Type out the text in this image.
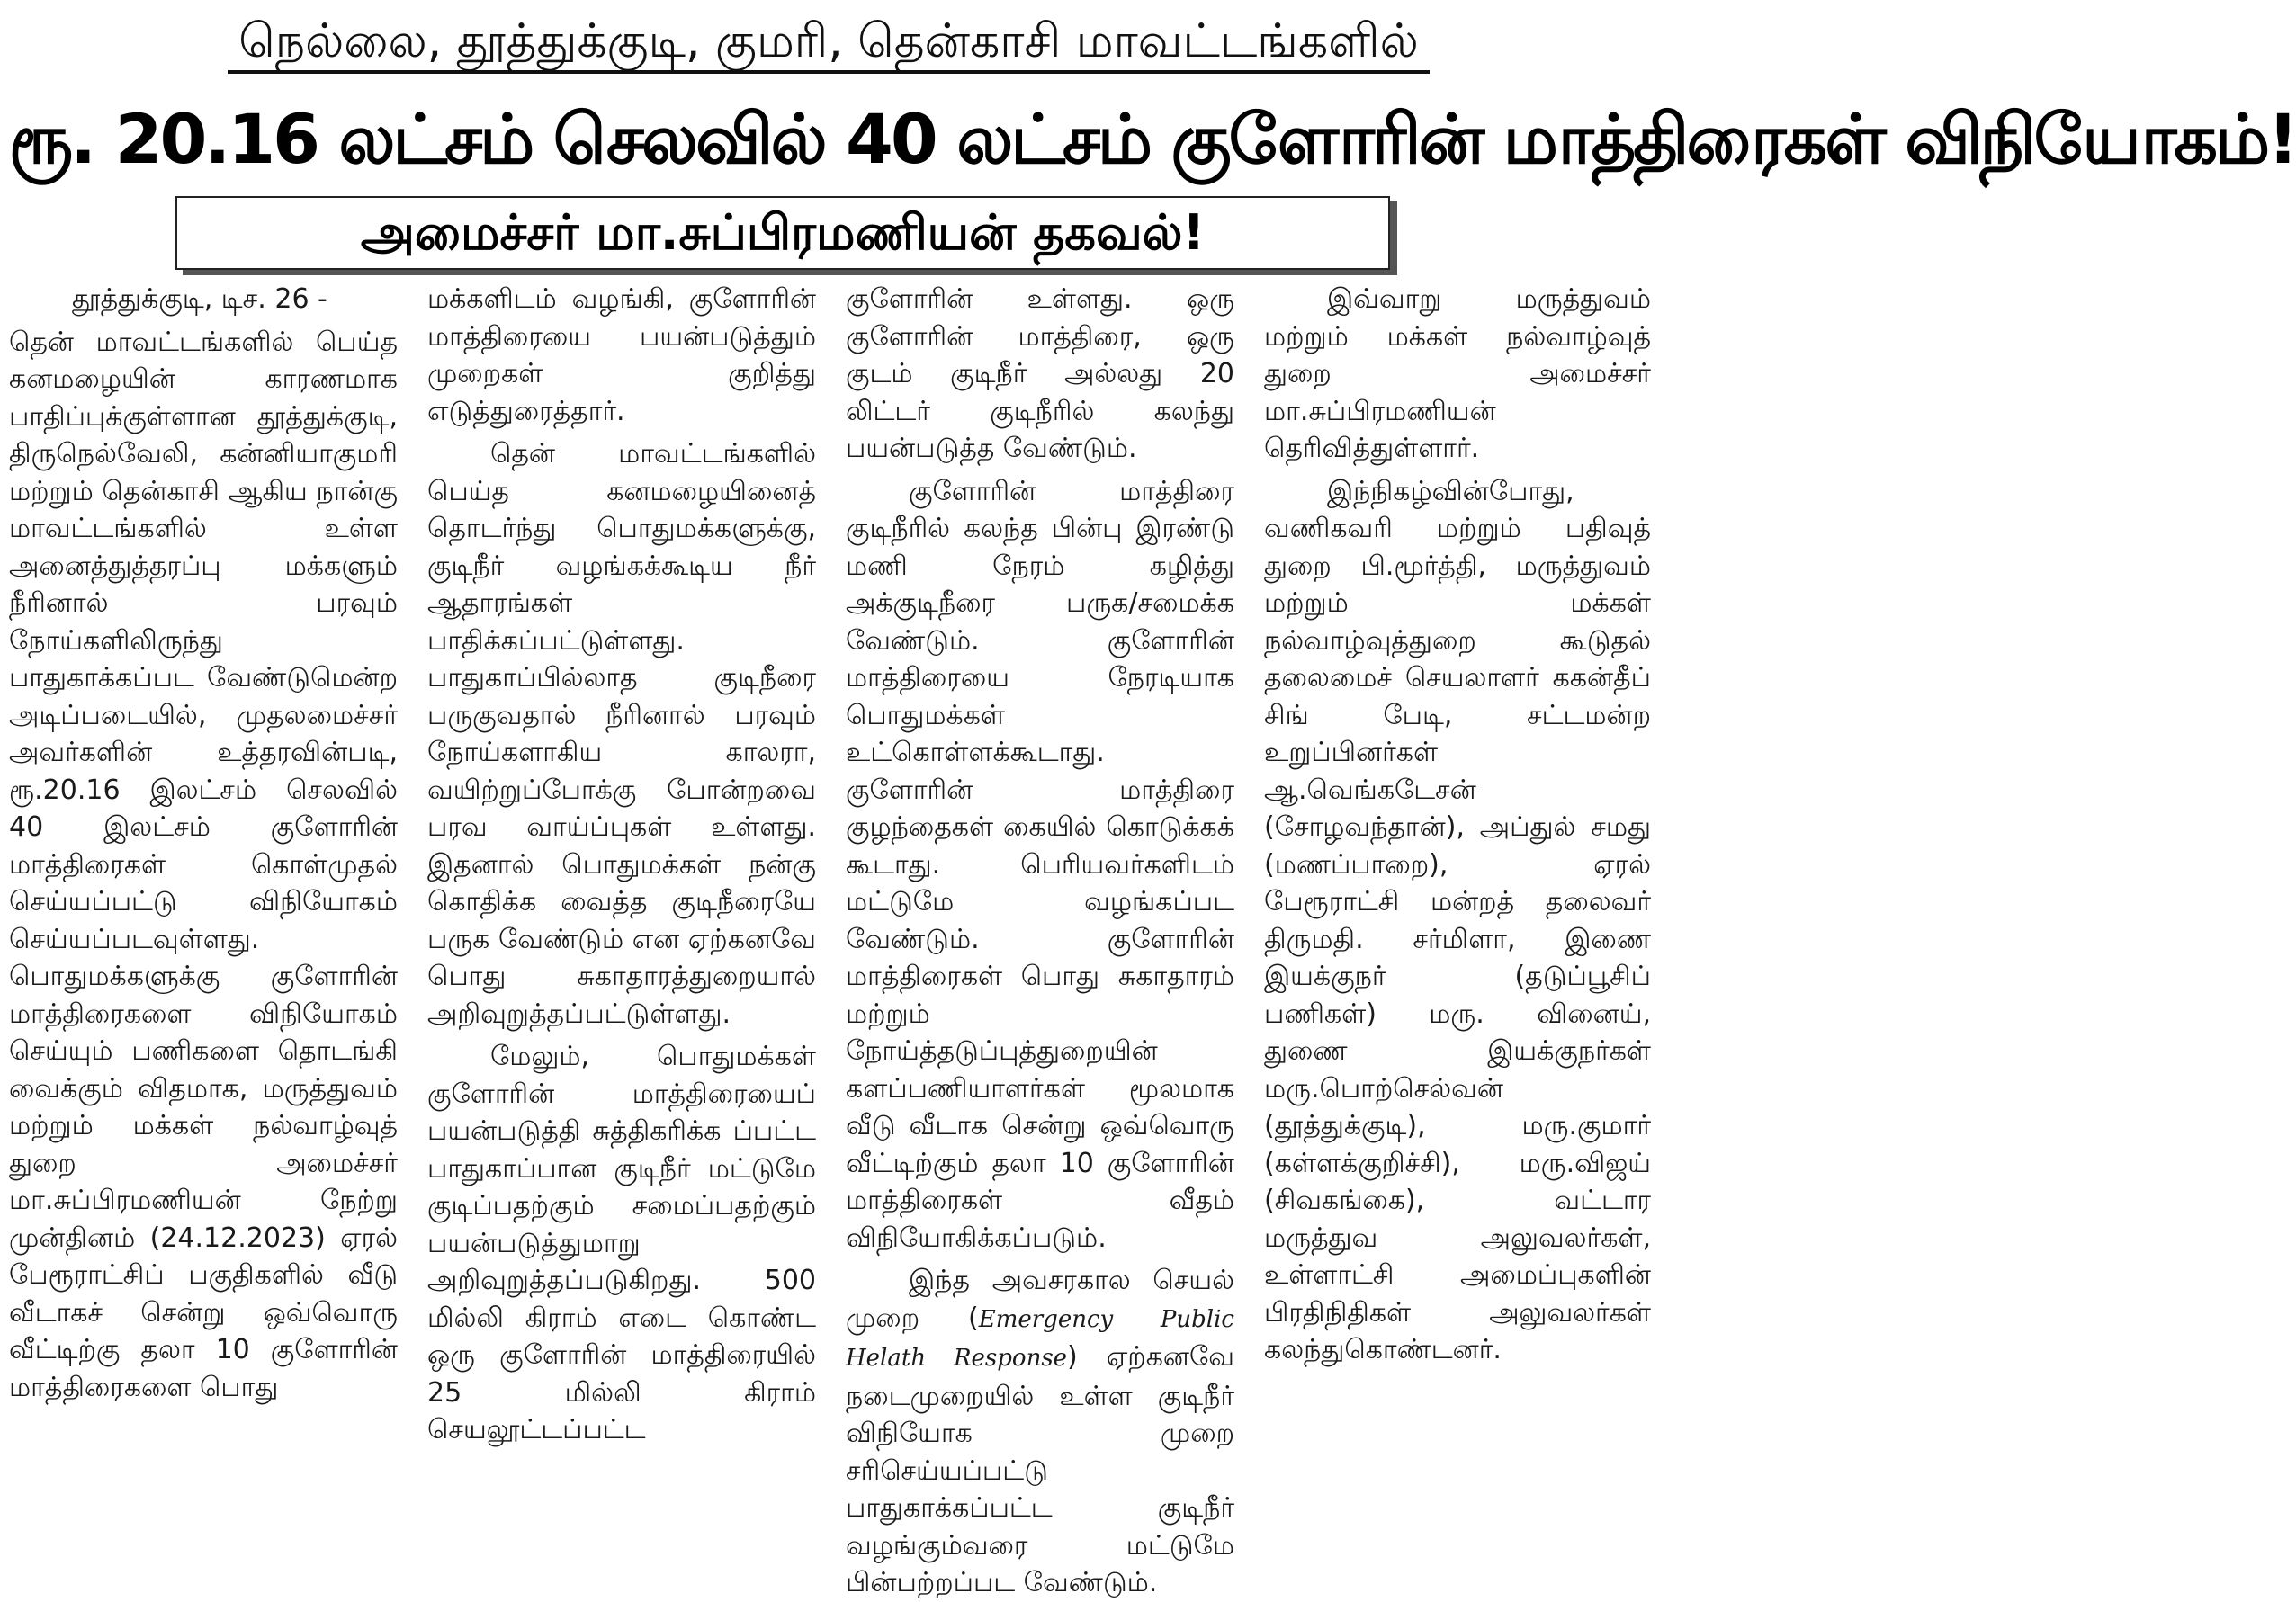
நெல்லை, தூத்துக்குடி, குமரி, தென்காசி மாவட்டங்களில்
ரூ. 20.16 லட்சம் செலவில் 40 லட்சம் குளோரின் மாத்திரைகள் விநியோகம்!
அமைச்சர் மா.சுப்பிரமணியன் தகவல்!

தூத்துக்குடி, டிச. 26 -

தென் மாவட்டங்களில் பெய்த கனமழையின் காரணமாக பாதிப்புக்குள்ளான தூத்துக்குடி, திருநெல்வேலி, கன்னியாகுமரி மற்றும் தென்காசி ஆகிய நான்கு மாவட்டங்களில் உள்ள அனைத்துத்தரப்பு மக்களும் நீரினால் பரவும் நோய்களிலிருந்து பாதுகாக்கப்பட வேண்டுமென்ற அடிப்படையில், முதலமைச்சர் அவர்களின் உத்தரவின்படி, ரூ.20.16 இலட்சம் செலவில் 40 இலட்சம் குளோரின் மாத்திரைகள் கொள்முதல் செய்யப்பட்டு விநியோகம் செய்யப்படவுள்ளது. பொதுமக்களுக்கு குளோரின் மாத்திரைகளை விநியோகம் செய்யும் பணிகளை தொடங்கி வைக்கும் விதமாக, மருத்துவம் மற்றும் மக்கள் நல்வாழ்வுத் துறை அமைச்சர் மா.சுப்பிரமணியன் நேற்று முன்தினம் (24.12.2023) ஏரல் பேரூராட்சிப் பகுதிகளில் வீடு வீடாகச் சென்று ஒவ்வொரு வீட்டிற்கு தலா 10 குளோரின் மாத்திரைகளை பொது

மக்களிடம் வழங்கி, குளோரின் மாத்திரையை பயன்படுத்தும் முறைகள் குறித்து எடுத்துரைத்தார்.

தென் மாவட்டங்களில் பெய்த கனமழையினைத் தொடர்ந்து பொதுமக்களுக்கு, குடிநீர் வழங்கக்கூடிய நீர் ஆதாரங்கள் பாதிக்கப்பட்டுள்ளது. பாதுகாப்பில்லாத குடிநீரை பருகுவதால் நீரினால் பரவும் நோய்களாகிய காலரா, வயிற்றுப்போக்கு போன்றவை பரவ வாய்ப்புகள் உள்ளது. இதனால் பொதுமக்கள் நன்கு கொதிக்க வைத்த குடிநீரையே பருக வேண்டும் என ஏற்கனவே பொது சுகாதாரத்துறையால் அறிவுறுத்தப்பட்டுள்ளது.

மேலும், பொதுமக்கள் குளோரின் மாத்திரையைப் பயன்படுத்தி சுத்திகரிக்க ப்பட்ட பாதுகாப்பான குடிநீர் மட்டுமே குடிப்பதற்கும் சமைப்பதற்கும் பயன்படுத்துமாறு அறிவுறுத்தப்படுகிறது. 500 மில்லி கிராம் எடை கொண்ட ஒரு குளோரின் மாத்திரையில் 25 மில்லி கிராம் செயலூட்டப்பட்ட

குளோரின் உள்ளது. ஒரு குளோரின் மாத்திரை, ஒரு குடம் குடிநீர் அல்லது 20 லிட்டர் குடிநீரில் கலந்து பயன்படுத்த வேண்டும்.

குளோரின் மாத்திரை குடிநீரில் கலந்த பின்பு இரண்டு மணி நேரம் கழித்து அக்குடிநீரை பருக/சமைக்க வேண்டும். குளோரின் மாத்திரையை நேரடியாக பொதுமக்கள் உட்கொள்ளக்கூடாது. குளோரின் மாத்திரை குழந்தைகள் கையில் கொடுக்கக் கூடாது. பெரியவர்களிடம் மட்டுமே வழங்கப்பட வேண்டும். குளோரின் மாத்திரைகள் பொது சுகாதாரம் மற்றும் நோய்த்தடுப்புத்துறையின் களப்பணியாளர்கள் மூலமாக வீடு வீடாக சென்று ஒவ்வொரு வீட்டிற்கும் தலா 10 குளோரின் மாத்திரைகள் வீதம் விநியோகிக்கப்படும்.

இந்த அவசரகால செயல் முறை (Emergency Public Helath Response) ஏற்கனவே நடைமுறையில் உள்ள குடிநீர் விநியோக முறை சரிசெய்யப்பட்டு பாதுகாக்கப்பட்ட குடிநீர் வழங்கும்வரை மட்டுமே பின்பற்றப்பட வேண்டும்.

இவ்வாறு மருத்துவம் மற்றும் மக்கள் நல்வாழ்வுத் துறை அமைச்சர் மா.சுப்பிரமணியன் தெரிவித்துள்ளார்.

இந்நிகழ்வின்போது, வணிகவரி மற்றும் பதிவுத் துறை பி.மூர்த்தி, மருத்துவம் மற்றும் மக்கள் நல்வாழ்வுத்துறை கூடுதல் தலைமைச் செயலாளர் ககன்தீப் சிங் பேடி, சட்டமன்ற உறுப்பினர்கள் ஆ.வெங்கடேசன் (சோழவந்தான்), அப்துல் சமது (மணப்பாறை), ஏரல் பேரூராட்சி மன்றத் தலைவர் திருமதி. சர்மிளா, இணை இயக்குநர் (தடுப்பூசிப் பணிகள்) மரு. வினைய், துணை இயக்குநர்கள் மரு.பொற்செல்வன் (தூத்துக்குடி), மரு.குமார் (கள்ளக்குறிச்சி), மரு.விஜய் (சிவகங்கை), வட்டார மருத்துவ அலுவலர்கள், உள்ளாட்சி அமைப்புகளின் பிரதிநிதிகள் அலுவலர்கள் கலந்துகொண்டனர்.
